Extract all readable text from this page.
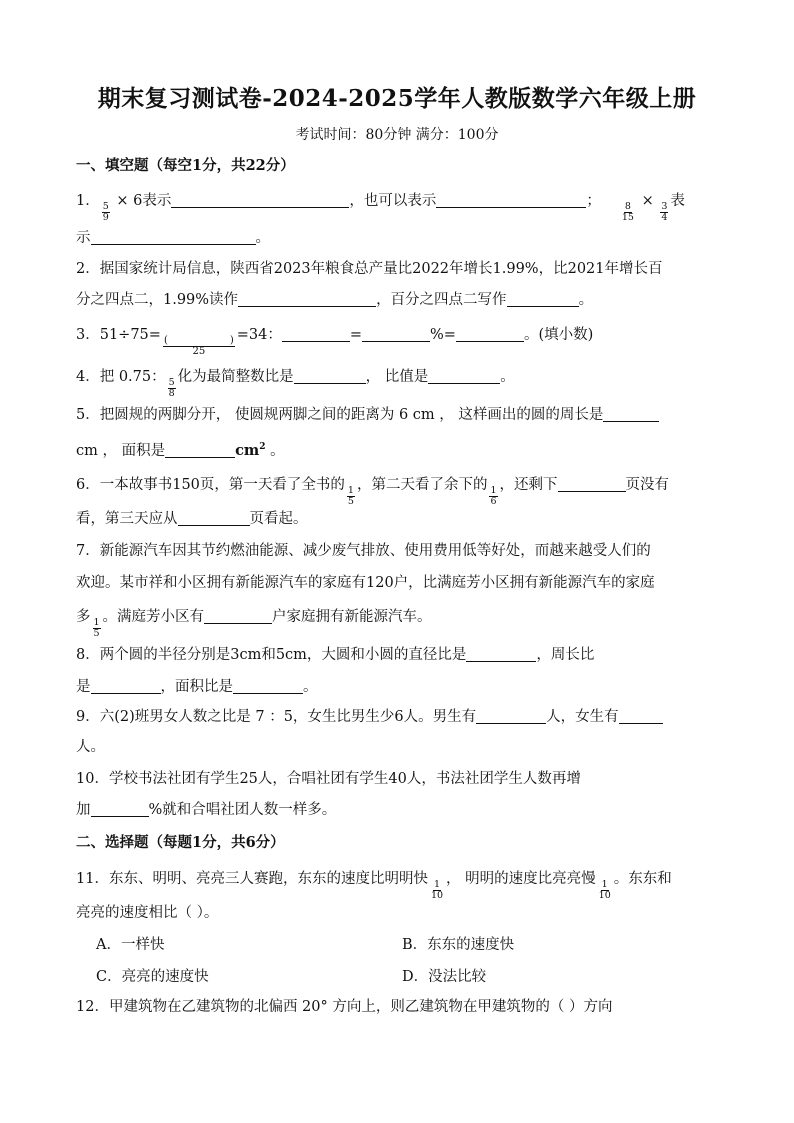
期末复习测试卷-2024-2025学年人教版数学六年级上册
考试时间：80分钟 满分：100分
一、填空题（每空1分，共22分）
1．
$\frac{5}{9}$
× 6表示	，也可以表示	；
$\frac{8}{15}$
×
$\frac{3}{4}$
表
示	。
2．据国家统计局信息，陕西省2023年粮食总产量比2022年增长1.99%，比2021年增长百
分之四点二，1.99%读作	，百分之四点二写作	。
3．51÷75=
(	)
25
=34：	=	%=	。(填小数)
4．把 0.75：
$\frac{5}{8}$
化为最简整数比是	， 比值是	。
5．把圆规的两脚分开， 使圆规两脚之间的距离为 6 cm ， 这样画出的圆的周长是
cm ， 面积是	$cm^2$ 。
6．一本故事书150页，第一天看了全书的
$\frac{1}{5}$
，第二天看了余下的
$\frac{1}{6}$
，还剩下	页没有
看，第三天应从	页看起。
7．新能源汽车因其节约燃油能源、减少废气排放、使用费用低等好处，而越来越受人们的
欢迎。某市祥和小区拥有新能源汽车的家庭有120户，比满庭芳小区拥有新能源汽车的家庭
多
$\frac{1}{5}$
。满庭芳小区有	户家庭拥有新能源汽车。
8．两个圆的半径分别是3cm和5cm，大圆和小圆的直径比是	，周长比
是	，面积比是	。
9．六(2)班男女人数之比是 7 ：5，女生比男生少6人。男生有	人，女生有
人。
10．学校书法社团有学生25人，合唱社团有学生40人，书法社团学生人数再增
加	%就和合唱社团人数一样多。
二、选择题（每题1分，共6分）
11．东东、明明、亮亮三人赛跑，东东的速度比明明快
$\frac{1}{10}$
， 明明的速度比亮亮慢
$\frac{1}{10}$
。东东和
亮亮的速度相比（ ）。
A．一样快	B．东东的速度快
C．亮亮的速度快	D．没法比较
12．甲建筑物在乙建筑物的北偏西 20° 方向上，则乙建筑物在甲建筑物的（ ）方向
